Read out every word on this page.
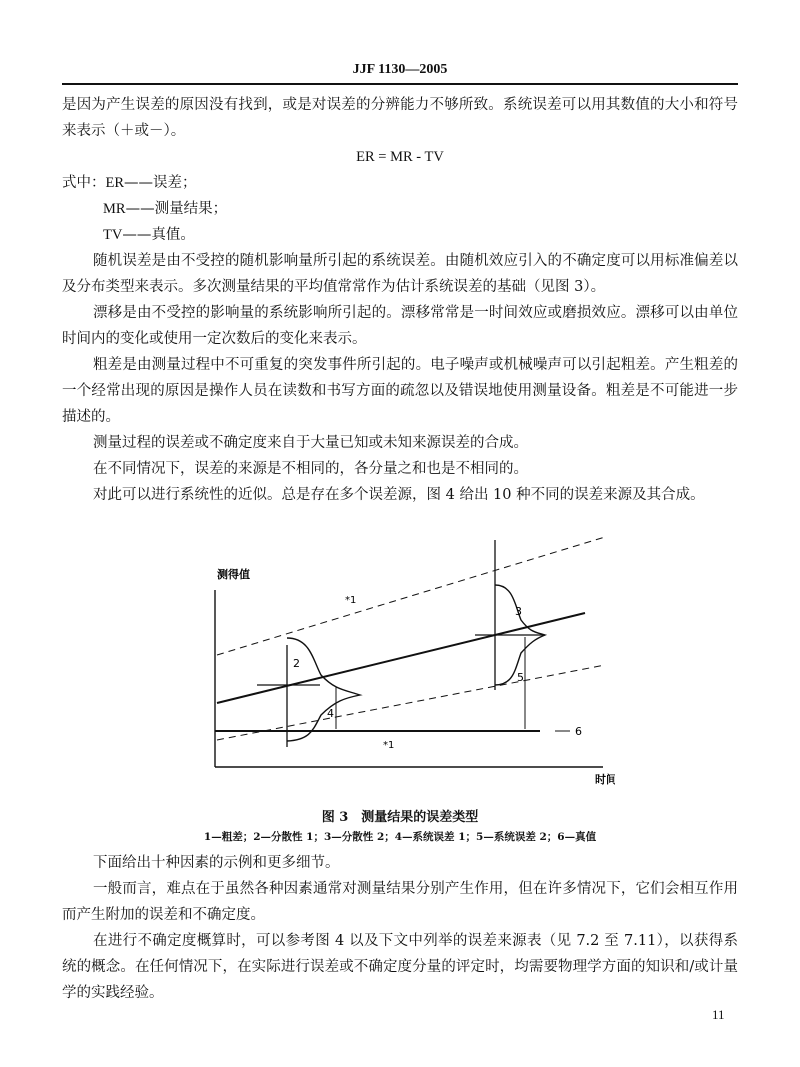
JJF 1130—2005

是因为产生误差的原因没有找到，或是对误差的分辨能力不够所致。系统误差可以用其数值的大小和符号来表示（＋或－）。

ER = MR - TV

式中：ER——误差；

MR——测量结果；

TV——真值。

随机误差是由不受控的随机影响量所引起的系统误差。由随机效应引入的不确定度可以用标准偏差以及分布类型来表示。多次测量结果的平均值常常作为估计系统误差的基础（见图 3）。

漂移是由不受控的影响量的系统影响所引起的。漂移常常是一时间效应或磨损效应。漂移可以由单位时间内的变化或使用一定次数后的变化来表示。

粗差是由测量过程中不可重复的突发事件所引起的。电子噪声或机械噪声可以引起粗差。产生粗差的一个经常出现的原因是操作人员在读数和书写方面的疏忽以及错误地使用测量设备。粗差是不可能进一步描述的。

测量过程的误差或不确定度来自于大量已知或未知来源误差的合成。

在不同情况下，误差的来源是不相同的，各分量之和也是不相同的。

对此可以进行系统性的近似。总是存在多个误差源，图 4 给出 10 种不同的误差来源及其合成。

测得值
时间
6
2
4
3
5
*1
*1
图 3　测量结果的误差类型
1—粗差；2—分散性 1；3—分散性 2；4—系统误差 1；5—系统误差 2；6—真值

下面给出十种因素的示例和更多细节。

一般而言，难点在于虽然各种因素通常对测量结果分别产生作用，但在许多情况下，它们会相互作用而产生附加的误差和不确定度。

在进行不确定度概算时，可以参考图 4 以及下文中列举的误差来源表（见 7.2 至 7.11），以获得系统的概念。在任何情况下，在实际进行误差或不确定度分量的评定时，均需要物理学方面的知识和/或计量学的实践经验。

11
